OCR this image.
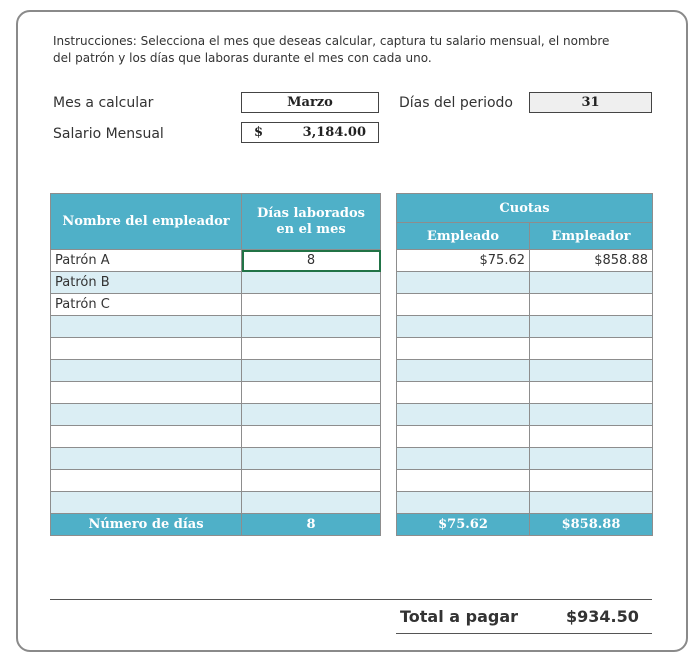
Instrucciones: Selecciona el mes que deseas calcular, captura tu salario mensual, el nombre del patrón y los días que laboras durante el mes con cada uno.
Mes a calcular	Marzo	Días del periodo	31
Salario Mensual	$	3,184.00
Nombre del empleador	Días laborados en el mes
Patrón A	8
Patrón B	
Patrón C	

Número de días	8
Cuotas	
Empleado	Empleador
$75.62	$858.88

$75.62	$858.88
Total a pagar	$934.50
